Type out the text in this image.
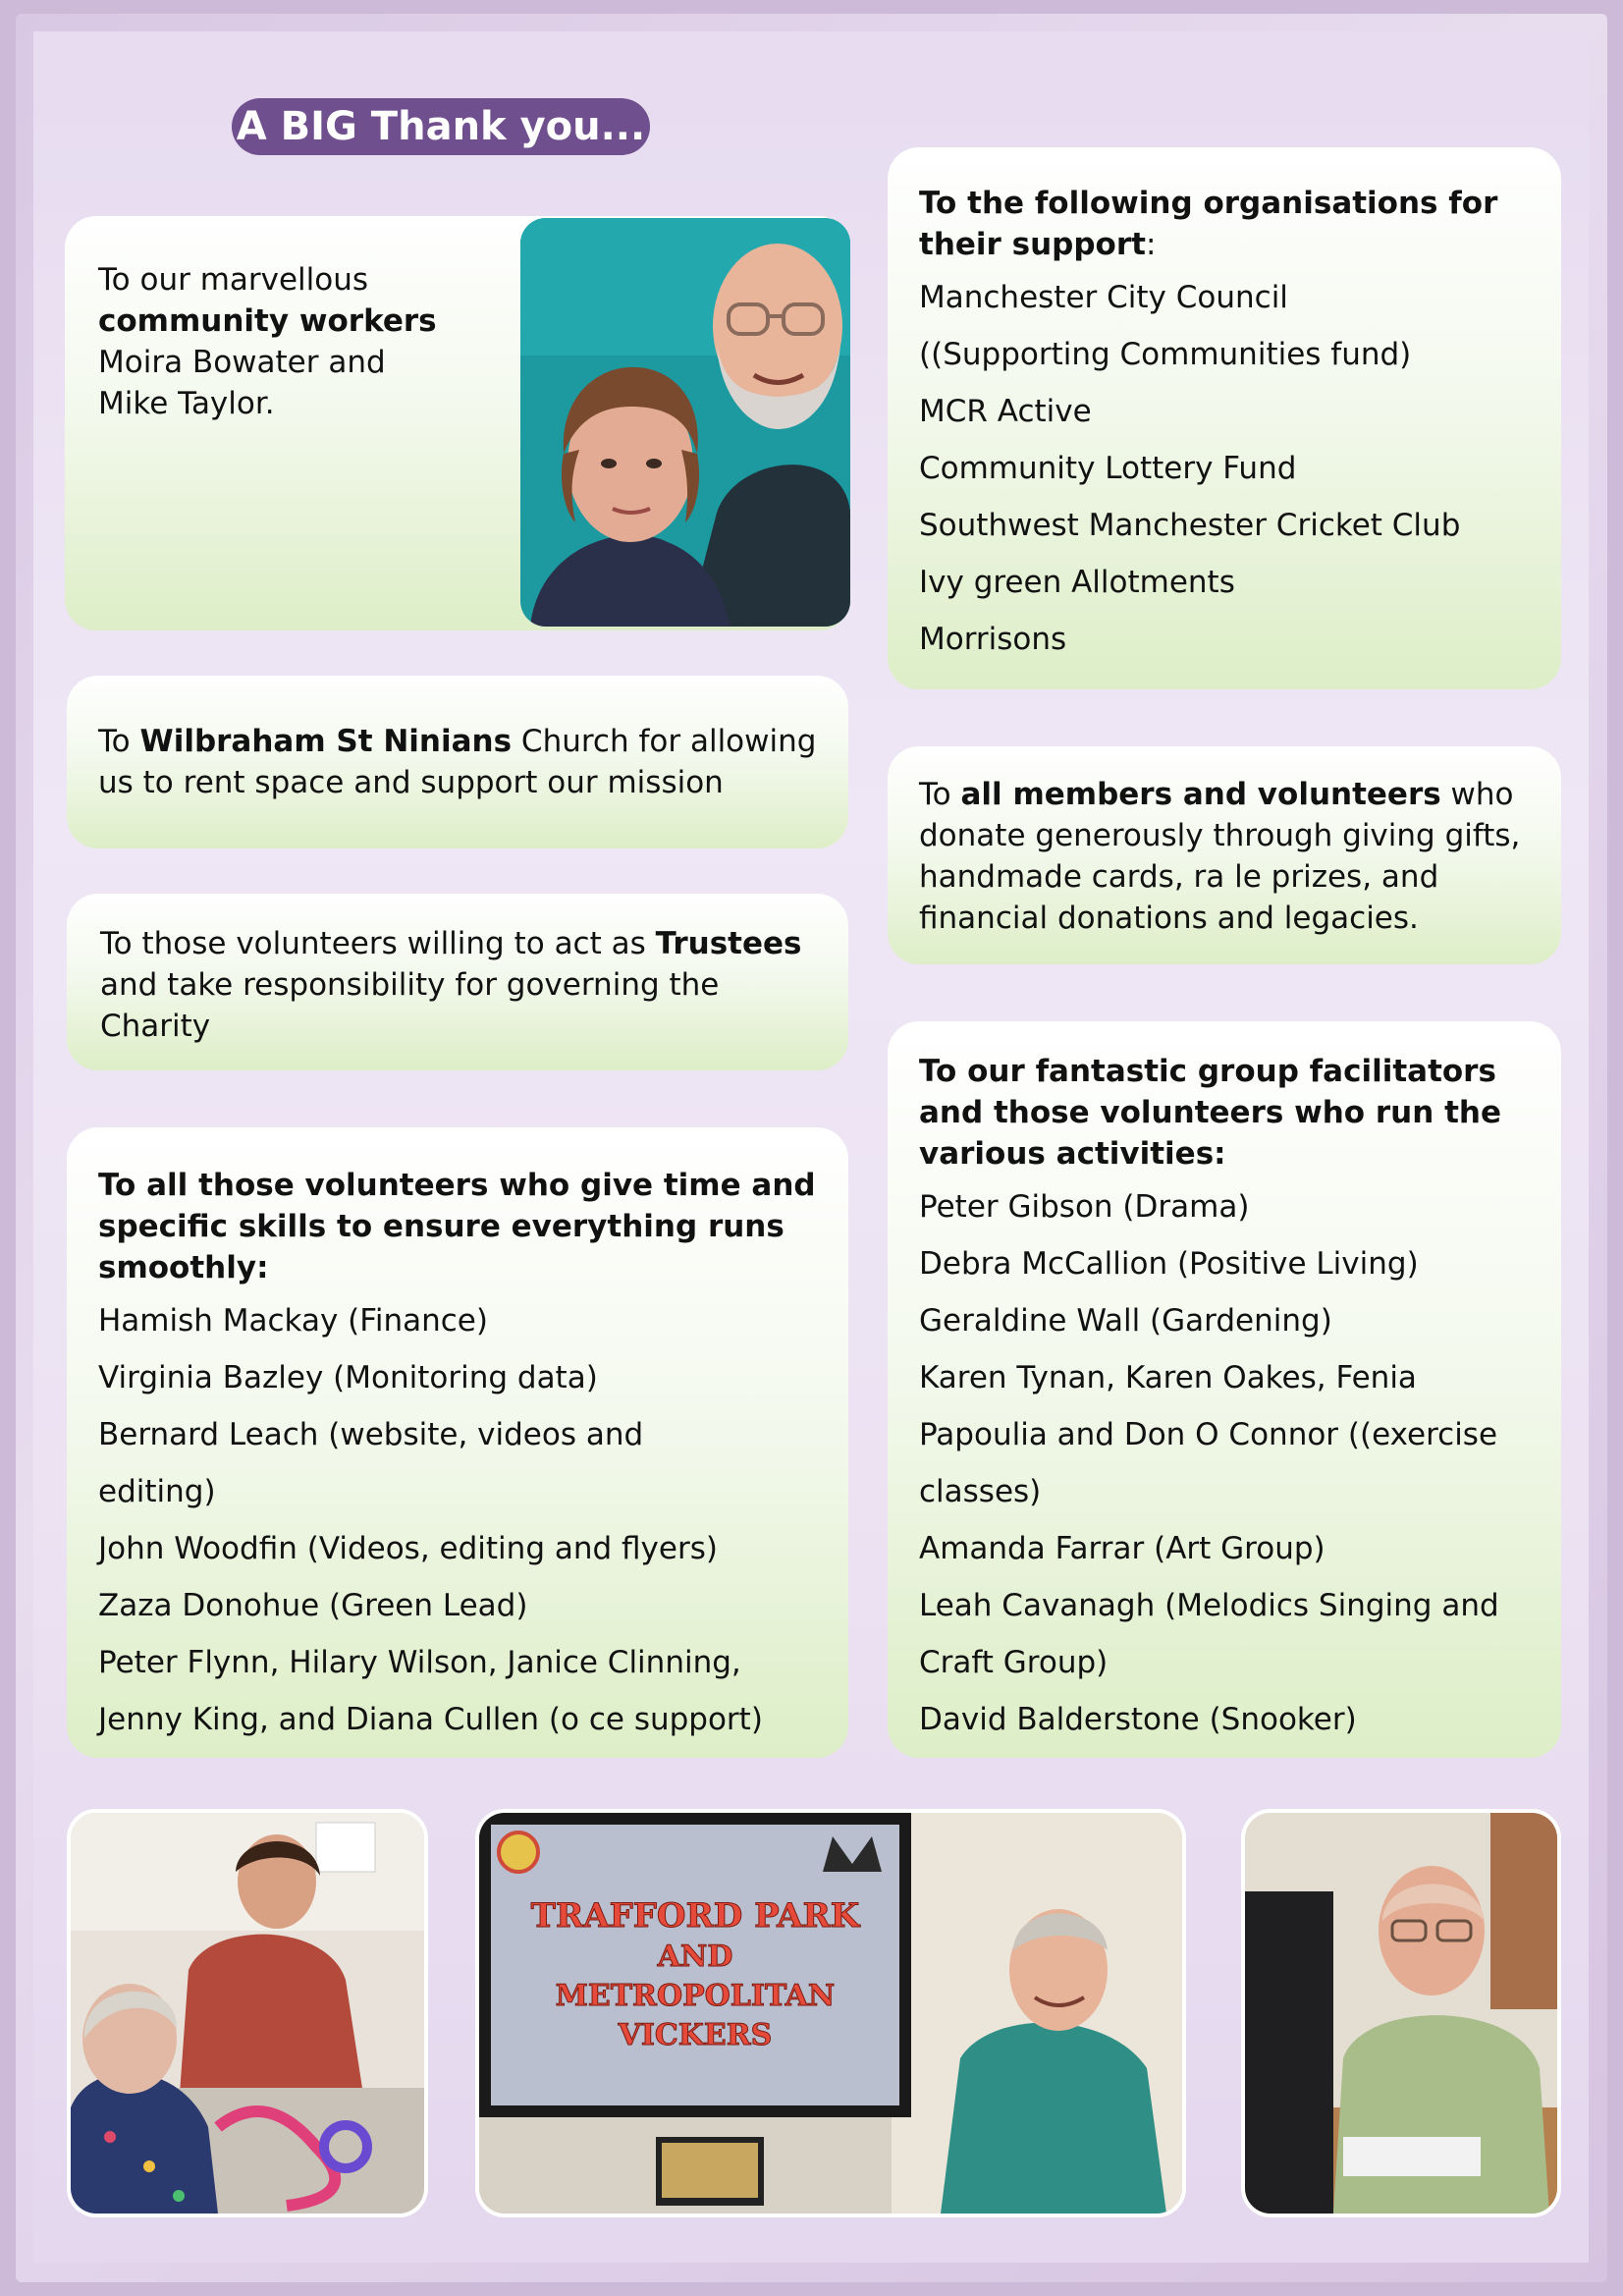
A BIG Thank you...

To our marvellous

community workers

Moira Bowater and

Mike Taylor.

To Wilbraham St Ninians Church for allowing us to rent space and support our mission

To those volunteers willing to act as Trustees and take responsibility for governing the Charity

To all those volunteers who give time and specific skills to ensure everything runs smoothly:

Hamish Mackay (Finance)

Virginia Bazley (Monitoring data)

Bernard Leach (website, videos and

editing)

John Woodfin (Videos, editing and flyers)

Zaza Donohue (Green Lead)

Peter Flynn, Hilary Wilson, Janice Clinning,

Jenny King, and Diana Cullen (o ce support)

To the following organisations for their support:

Manchester City Council

((Supporting Communities fund)

MCR Active

Community Lottery Fund

Southwest Manchester Cricket Club

Ivy green Allotments

Morrisons

To all members and volunteers who donate generously through giving gifts, handmade cards, ra le prizes, and financial donations and legacies.

To our fantastic group facilitators and those volunteers who run the various activities:

Peter Gibson (Drama)

Debra McCallion (Positive Living)

Geraldine Wall (Gardening)

Karen Tynan, Karen Oakes, Fenia

Papoulia and Don O Connor ((exercise

classes)

Amanda Farrar (Art Group)

Leah Cavanagh (Melodics Singing and

Craft Group)

David Balderstone (Snooker)

TRAFFORD PARK
AND
METROPOLITAN
VICKERS
